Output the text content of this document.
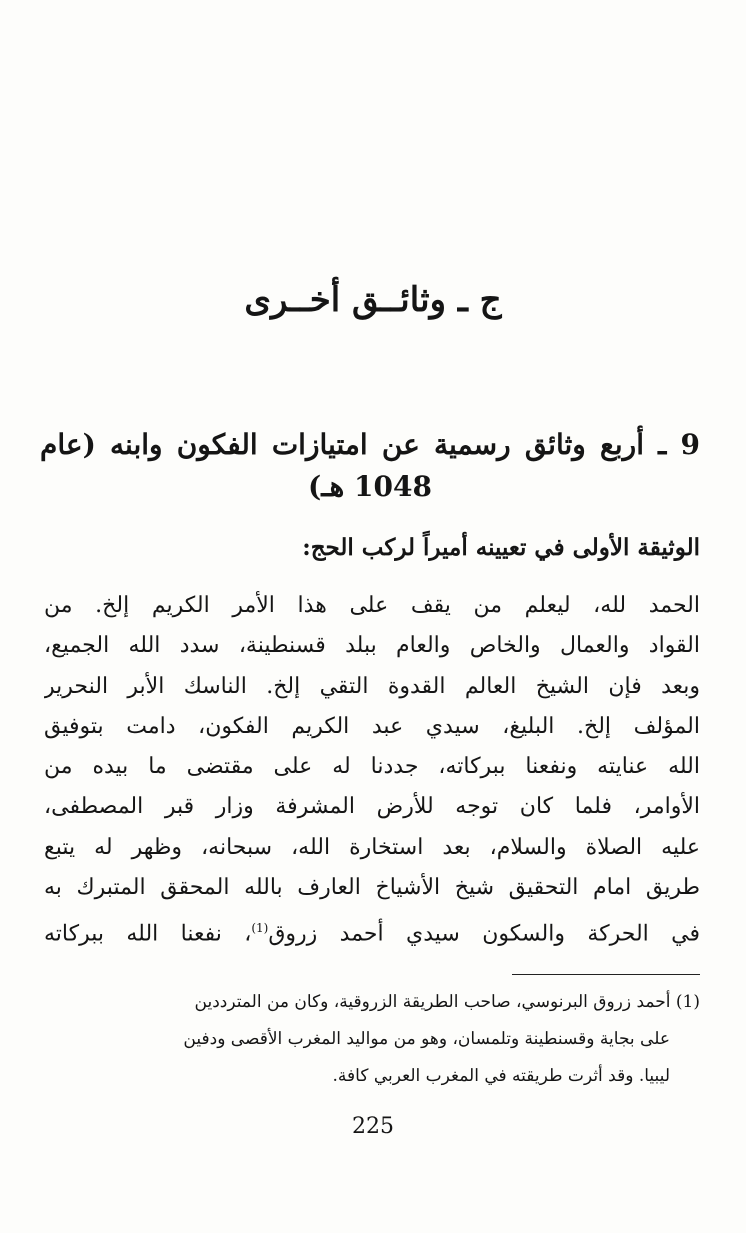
ج ـ وثائــق أخــرى
9 ـ أربع وثائق رسمية عن امتيازات الفكون وابنه (عام 1048 هـ)
الوثيقة الأولى في تعيينه أميراً لركب الحج:
الحمد لله، ليعلم من يقف على هذا الأمر الكريم إلخ. من
القواد والعمال والخاص والعام ببلد قسنطينة، سدد الله الجميع،
وبعد فإن الشيخ العالم القدوة التقي إلخ. الناسك الأبر النحرير
المؤلف إلخ. البليغ، سيدي عبد الكريم الفكون، دامت بتوفيق
الله عنايته ونفعنا ببركاته، جددنا له على مقتضى ما بيده من
الأوامر، فلما كان توجه للأرض المشرفة وزار قبر المصطفى،
عليه الصلاة والسلام، بعد استخارة الله، سبحانه، وظهر له يتبع
طريق امام التحقيق شيخ الأشياخ العارف بالله المحقق المتبرك به
في الحركة والسكون سيدي أحمد زروق$^{(1)}$، نفعنا الله ببركاته
(1) أحمد زروق البرنوسي، صاحب الطريقة الزروقية، وكان من المترددين
على بجاية وقسنطينة وتلمسان، وهو من مواليد المغرب الأقصى ودفين
ليبيا. وقد أثرت طريقته في المغرب العربي كافة.
225
